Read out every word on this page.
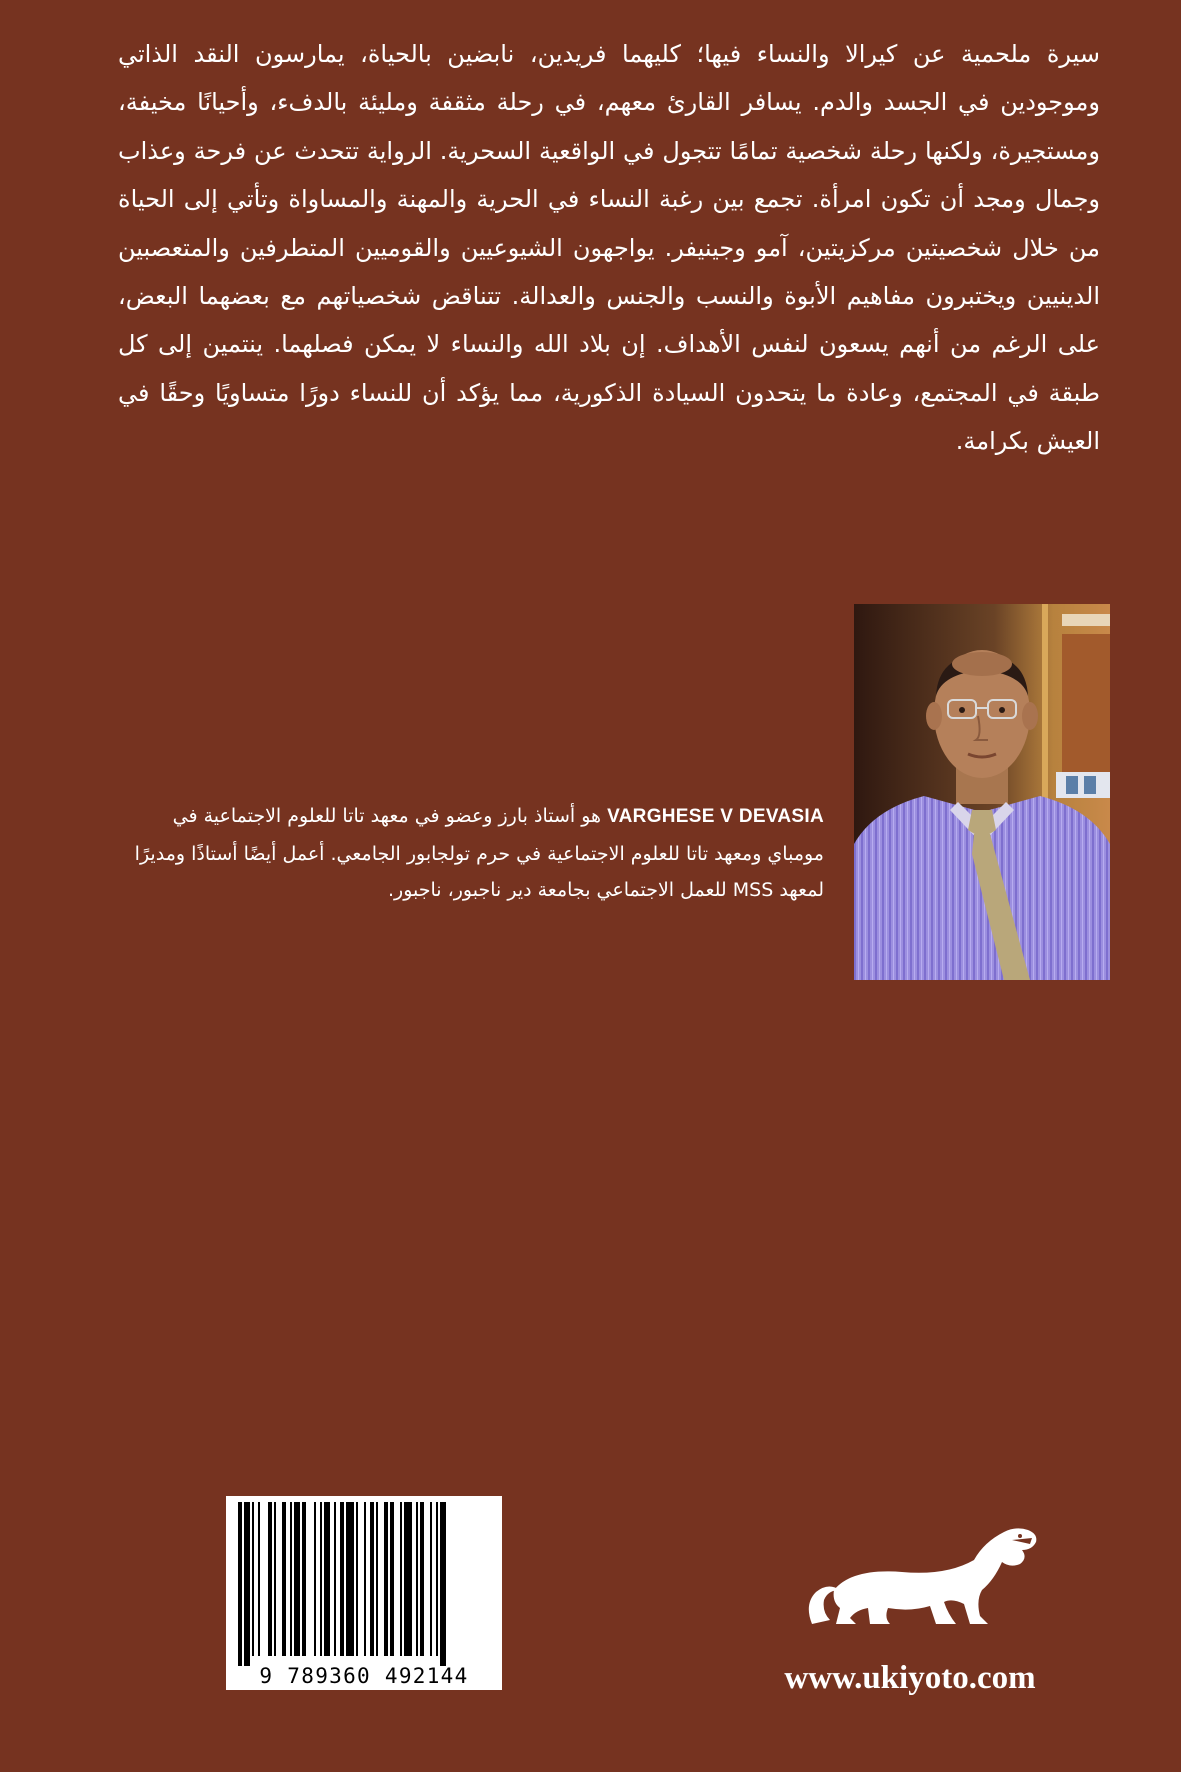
سيرة ملحمية عن كيرالا والنساء فيها؛ كليهما فريدين، نابضين بالحياة، يمارسون النقد الذاتي وموجودين في الجسد والدم. يسافر القارئ معهم، في رحلة مثقفة ومليئة بالدفء، وأحيانًا مخيفة، ومستجيرة، ولكنها رحلة شخصية تمامًا تتجول في الواقعية السحرية. الرواية تتحدث عن فرحة وعذاب وجمال ومجد أن تكون امرأة. تجمع بين رغبة النساء في الحرية والمهنة والمساواة وتأتي إلى الحياة من خلال شخصيتين مركزيتين، آمو وجينيفر. يواجهون الشيوعيين والقوميين المتطرفين والمتعصبين الدينيين ويختبرون مفاهيم الأبوة والنسب والجنس والعدالة. تتناقض شخصياتهم مع بعضهما البعض، على الرغم من أنهم يسعون لنفس الأهداف. إن بلاد الله والنساء لا يمكن فصلهما. ينتمين إلى كل طبقة في المجتمع، وعادة ما يتحدون السيادة الذكورية، مما يؤكد أن للنساء دورًا متساويًا وحقًا في العيش بكرامة.

VARGHESE V DEVASIA هو أستاذ بارز وعضو في معهد تاتا للعلوم الاجتماعية في مومباي ومعهد تاتا للعلوم الاجتماعية في حرم تولجابور الجامعي. أعمل أيضًا أستاذًا ومديرًا لمعهد MSS للعمل الاجتماعي بجامعة دير ناجبور، ناجبور.

9 789360 492144	www.ukiyoto.com
